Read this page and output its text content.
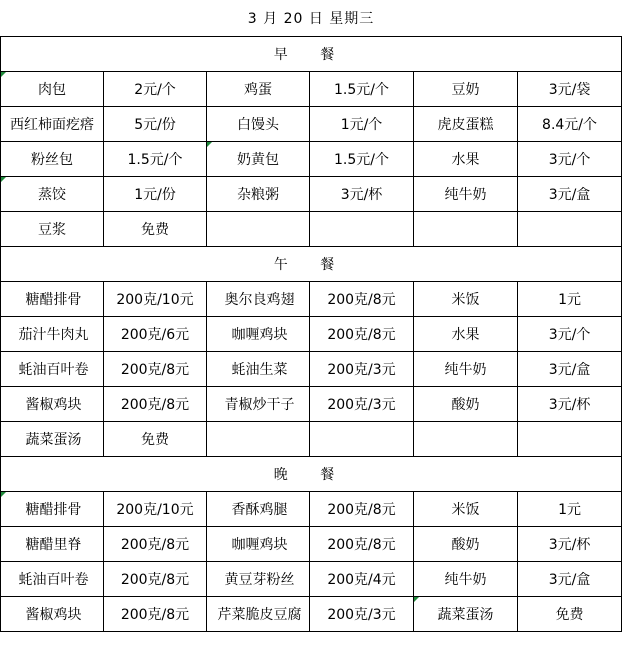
3 月 20 日 星期三					
早 餐					
肉包	2元/个	鸡蛋	1.5元/个	豆奶	3元/袋
西红柿面疙瘩	5元/份	白馒头	1元/个	虎皮蛋糕	8.4元/个
粉丝包	1.5元/个	奶黄包	1.5元/个	水果	3元/个
蒸饺	1元/份	杂粮粥	3元/杯	纯牛奶	3元/盒
豆浆	免费				
午 餐					
糖醋排骨	200克/10元	奥尔良鸡翅	200克/8元	米饭	1元
茄汁牛肉丸	200克/6元	咖喱鸡块	200克/8元	水果	3元/个
蚝油百叶卷	200克/8元	蚝油生菜	200克/3元	纯牛奶	3元/盒
酱椒鸡块	200克/8元	青椒炒干子	200克/3元	酸奶	3元/杯
蔬菜蛋汤	免费				
晚 餐					
糖醋排骨	200克/10元	香酥鸡腿	200克/8元	米饭	1元
糖醋里脊	200克/8元	咖喱鸡块	200克/8元	酸奶	3元/杯
蚝油百叶卷	200克/8元	黄豆芽粉丝	200克/4元	纯牛奶	3元/盒
酱椒鸡块	200克/8元	芹菜脆皮豆腐	200克/3元	蔬菜蛋汤	免费
